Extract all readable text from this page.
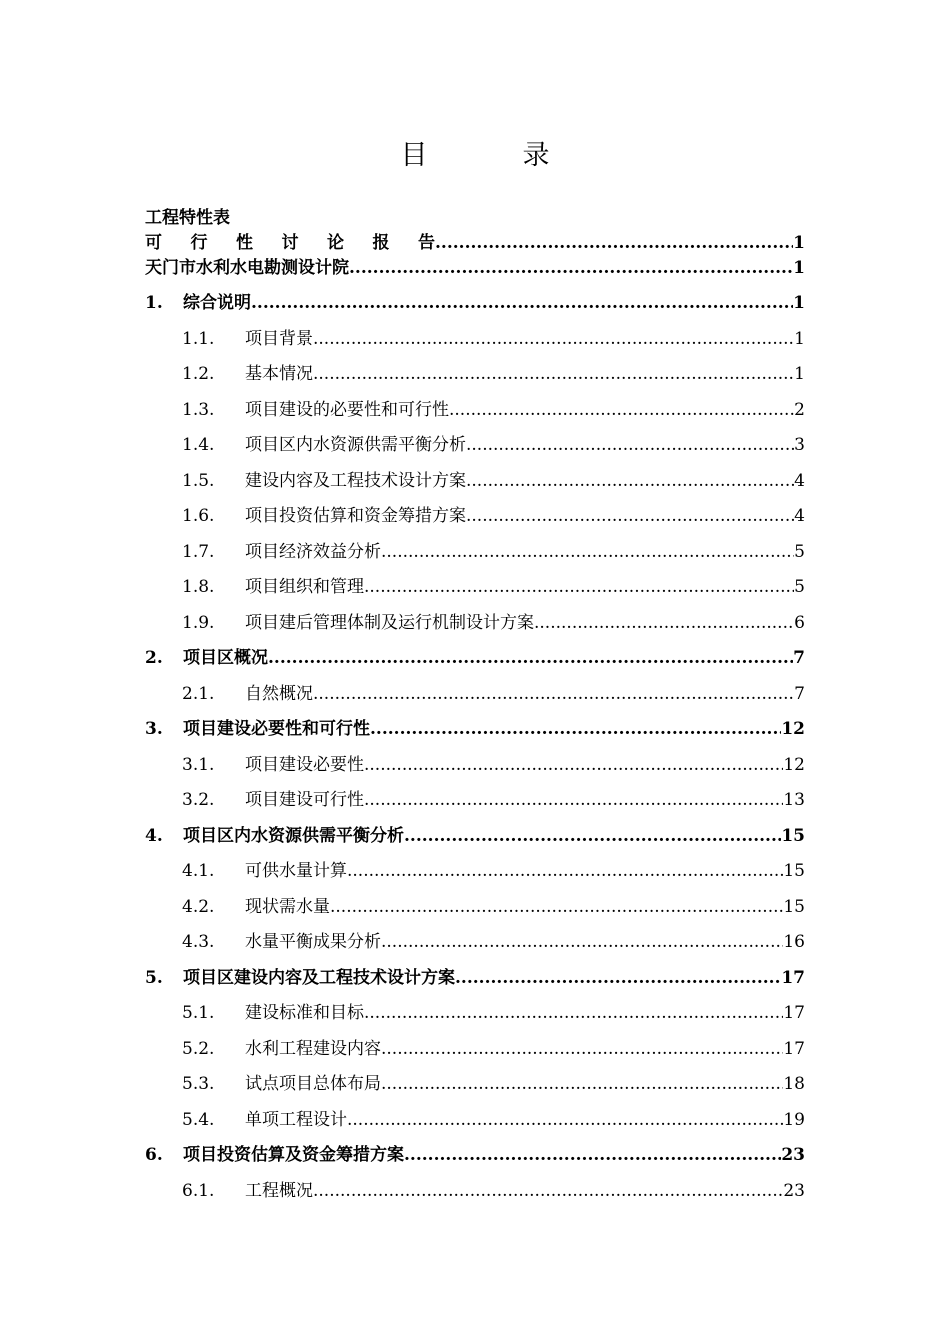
目　录
工程特性表
可 行 性 讨 论 报 告 .....	1
天门市水利水电勘测设计院 .....	1
1.	综合说明 .....	1
1.1.	项目背景 .....	1
1.2.	基本情况 .....	1
1.3.	项目建设的必要性和可行性 .....	2
1.4.	项目区内水资源供需平衡分析 .....	3
1.5.	建设内容及工程技术设计方案 .....	4
1.6.	项目投资估算和资金筹措方案 .....	4
1.7.	项目经济效益分析 .....	5
1.8.	项目组织和管理 .....	5
1.9.	项目建后管理体制及运行机制设计方案 .....	6
2.	项目区概况 .....	7
2.1.	自然概况 .....	7
3.	项目建设必要性和可行性 .....	12
3.1.	项目建设必要性 .....	12
3.2.	项目建设可行性 .....	13
4.	项目区内水资源供需平衡分析 .....	15
4.1.	可供水量计算 .....	15
4.2.	现状需水量 .....	15
4.3.	水量平衡成果分析 .....	16
5.	项目区建设内容及工程技术设计方案 .....	17
5.1.	建设标准和目标 .....	17
5.2.	水利工程建设内容 .....	17
5.3.	试点项目总体布局 .....	18
5.4.	单项工程设计 .....	19
6.	项目投资估算及资金筹措方案 .....	23
6.1.	工程概况 .....	23
